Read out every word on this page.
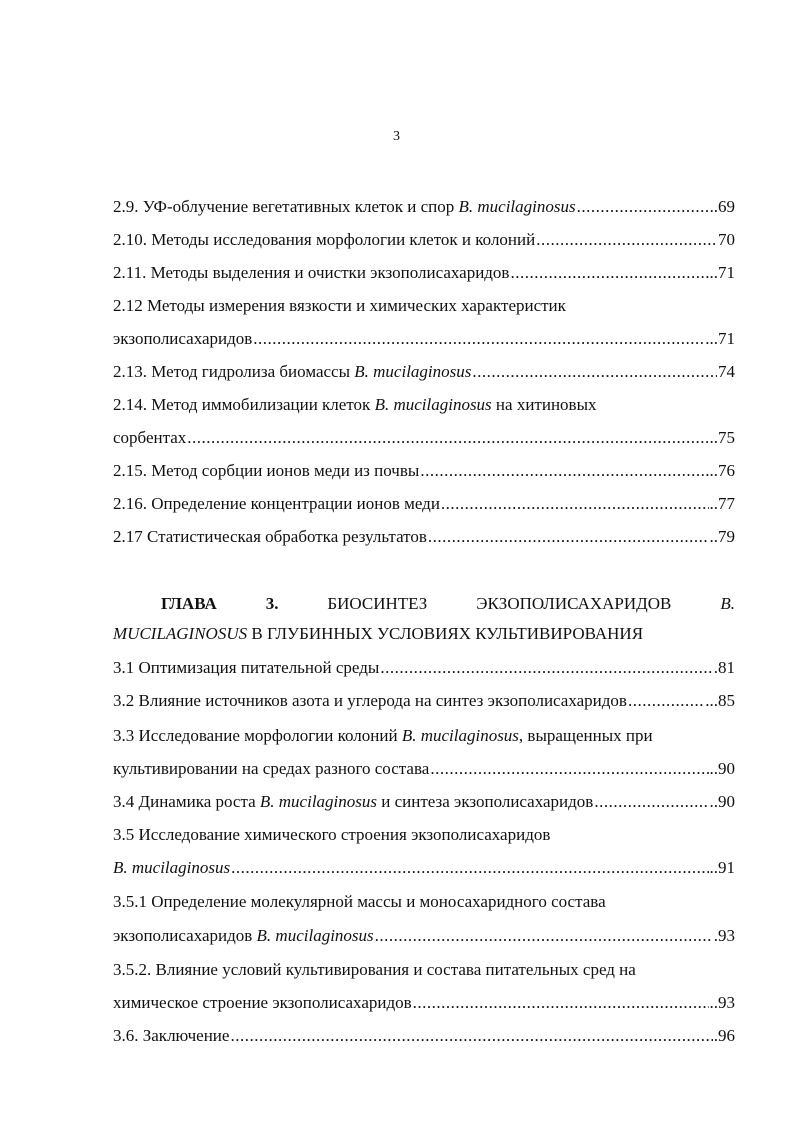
3
2.9. УФ-облучение вегетативных клеток и спор B. mucilaginosus .....	.69
2.10. Методы исследования морфологии клеток и колоний .....	70
2.11. Методы выделения и очистки экзополисахаридов .....	...71
2.12 Методы измерения вязкости и химических характеристик
экзополисахаридов .....	...71
2.13. Метод гидролиза биомассы B. mucilaginosus .....	74
2.14. Метод иммобилизации клеток B. mucilaginosus на хитиновых
сорбентах .....	..75
2.15. Метод сорбции ионов меди из почвы .....	...76
2.16. Определение концентрации ионов меди .....	..77
2.17 Статистическая обработка результатов .....	..79
ГЛАВА	3.	БИОСИНТЕЗ	ЭКЗОПОЛИСАХАРИДОВ	B.
MUCILAGINOSUS В ГЛУБИННЫХ УСЛОВИЯХ КУЛЬТИВИРОВАНИЯ
3.1 Оптимизация питательной среды .....	.81
3.2 Влияние источников азота и углерода на синтез экзополисахаридов .....	...85
3.3 Исследование морфологии колоний B. mucilaginosus, выращенных при
культивировании на средах разного состава .....	..90
3.4 Динамика роста B. mucilaginosus и синтеза экзополисахаридов .....	..90
3.5 Исследование химического строения экзополисахаридов
B. mucilaginosus .....	..91
3.5.1 Определение молекулярной массы и моносахаридного состава
экзополисахаридов B. mucilaginosus .....	.93
3.5.2. Влияние условий культивирования и состава питательных сред на
химическое строение экзополисахаридов .....	..93
3.6. Заключение .....	.96
